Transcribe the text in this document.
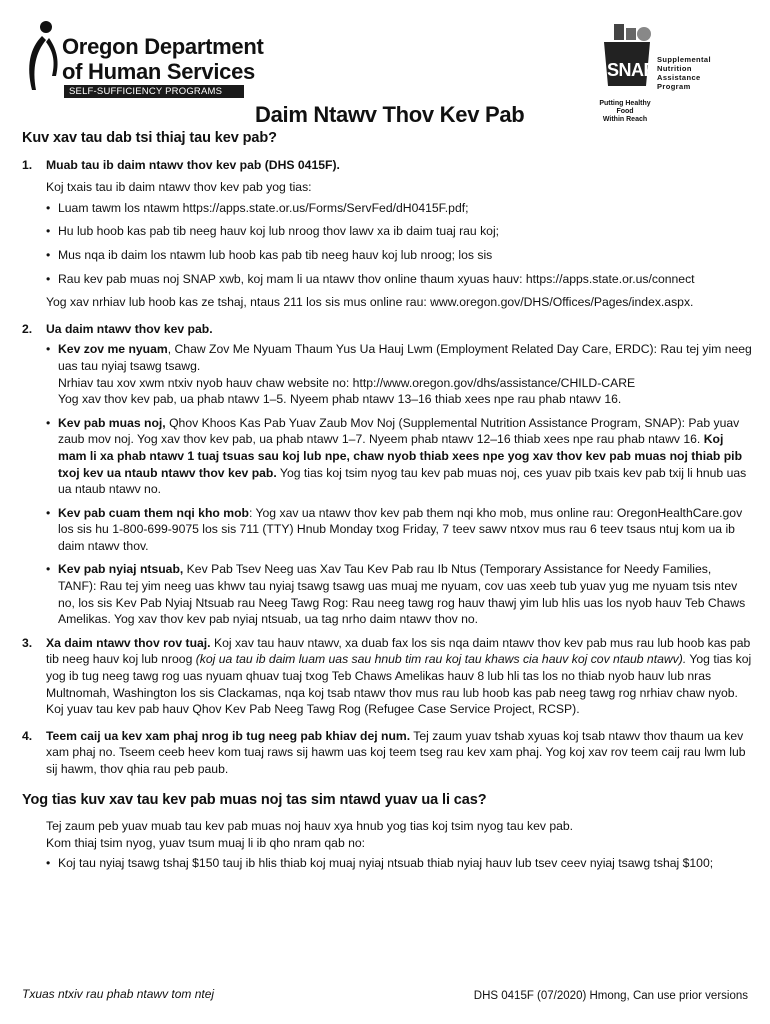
Oregon Department
of Human Services
SELF-SUFFICIENCY PROGRAMS
Daim Ntawv Thov Kev Pab
SNAP
Supplemental
Nutrition
Assistance
Program
Putting Healthy Food
Within Reach
Kuv xav tau dab tsi thiaj tau kev pab?
1. Muab tau ib daim ntawv thov kev pab (DHS 0415F).
Koj txais tau ib daim ntawv thov kev pab yog tias:
• Luam tawm los ntawm https://apps.state.or.us/Forms/ServFed/dH0415F.pdf;
• Hu lub hoob kas pab tib neeg hauv koj lub nroog thov lawv xa ib daim tuaj rau koj;
• Mus nqa ib daim los ntawm lub hoob kas pab tib neeg hauv koj lub nroog; los sis
• Rau kev pab muas noj SNAP xwb, koj mam li ua ntawv thov online thaum xyuas hauv: https://apps.state.or.us/connect
Yog xav nrhiav lub hoob kas ze tshaj, ntaus 211 los sis mus online rau: www.oregon.gov/DHS/Offices/Pages/index.aspx.
2. Ua daim ntawv thov kev pab.
• Kev zov me nyuam, Chaw Zov Me Nyuam Thaum Yus Ua Hauj Lwm (Employment Related Day Care, ERDC): Rau tej yim neeg uas tau nyiaj tsawg tsawg.
Nrhiav tau xov xwm ntxiv nyob hauv chaw website no: http://www.oregon.gov/dhs/assistance/CHILD-CARE
Yog xav thov kev pab, ua phab ntawv 1–5. Nyeem phab ntawv 13–16 thiab xees npe rau phab ntawv 16.
• Kev pab muas noj, Qhov Khoos Kas Pab Yuav Zaub Mov Noj (Supplemental Nutrition Assistance Program, SNAP): Pab yuav zaub mov noj. Yog xav thov kev pab, ua phab ntawv 1–7. Nyeem phab ntawv 12–16 thiab xees npe rau phab ntawv 16. Koj mam li xa phab ntawv 1 tuaj tsuas sau koj lub npe, chaw nyob thiab xees npe yog xav thov kev pab muas noj thiab pib txoj kev ua ntaub ntawv thov kev pab. Yog tias koj tsim nyog tau kev pab muas noj, ces yuav pib txais kev pab txij li hnub uas ua ntaub ntawv no.
• Kev pab cuam them nqi kho mob: Yog xav ua ntawv thov kev pab them nqi kho mob, mus online rau: OregonHealthCare.gov los sis hu 1-800-699-9075 los sis 711 (TTY) Hnub Monday txog Friday, 7 teev sawv ntxov mus rau 6 teev tsaus ntuj kom ua ib daim ntawv thov.
• Kev pab nyiaj ntsuab, Kev Pab Tsev Neeg uas Xav Tau Kev Pab rau Ib Ntus (Temporary Assistance for Needy Families, TANF): Rau tej yim neeg uas khwv tau nyiaj tsawg tsawg uas muaj me nyuam, cov uas xeeb tub yuav yug me nyuam tsis ntev no, los sis Kev Pab Nyiaj Ntsuab rau Neeg Tawg Rog: Rau neeg tawg rog hauv thawj yim lub hlis uas los nyob hauv Teb Chaws Amelikas. Yog xav thov kev pab nyiaj ntsuab, ua tag nrho daim ntawv thov no.
3. Xa daim ntawv thov rov tuaj. Koj xav tau hauv ntawv, xa duab fax los sis nqa daim ntawv thov kev pab mus rau lub hoob kas pab tib neeg hauv koj lub nroog (koj ua tau ib daim luam uas sau hnub tim rau koj tau khaws cia hauv koj cov ntaub ntawv). Yog tias koj yog ib tug neeg tawg rog uas nyuam qhuav tuaj txog Teb Chaws Amelikas hauv 8 lub hli tas los no thiab nyob hauv lub nras Multnomah, Washington los sis Clackamas, nqa koj tsab ntawv thov mus rau lub hoob kas pab neeg tawg rog nrhiav chaw nyob. Koj yuav tau kev pab hauv Qhov Kev Pab Neeg Tawg Rog (Refugee Case Service Project, RCSP).
4. Teem caij ua kev xam phaj nrog ib tug neeg pab khiav dej num. Tej zaum yuav tshab xyuas koj tsab ntawv thov thaum ua kev xam phaj no. Tseem ceeb heev kom tuaj raws sij hawm uas koj teem tseg rau kev xam phaj. Yog koj xav rov teem caij rau lwm lub sij hawm, thov qhia rau peb paub.
Yog tias kuv xav tau kev pab muas noj tas sim ntawd yuav ua li cas?
Tej zaum peb yuav muab tau kev pab muas noj hauv xya hnub yog tias koj tsim nyog tau kev pab.
Kom thiaj tsim nyog, yuav tsum muaj li ib qho nram qab no:
• Koj tau nyiaj tsawg tshaj $150 tauj ib hlis thiab koj muaj nyiaj ntsuab thiab nyiaj hauv lub tsev ceev nyiaj tsawg tshaj $100;
Txuas ntxiv rau phab ntawv tom ntej	DHS 0415F (07/2020) Hmong, Can use prior versions
